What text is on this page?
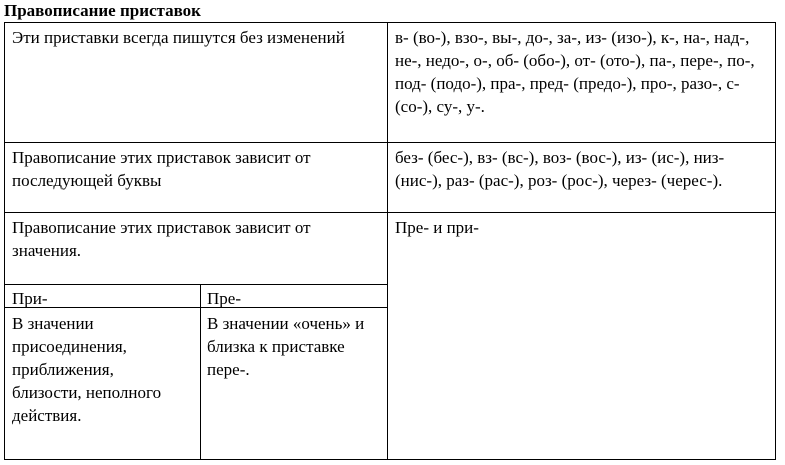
Правописание приставок
Эти приставки всегда пишутся без изменений	в- (во-), взо-, вы-, до-, за-, из- (изо-), к-, на-, над-, не-, недо-, о-, об- (обо-), от- (ото-), па-, пере-, по-, под- (подо-), пра-, пред- (предо-), про-, разо-, с- (со-), су-, у-.
Правописание этих приставок зависит от последующей буквы
без- (бес-), вз- (вс-), воз- (вос-), из- (ис-), низ- (нис-), раз- (рас-), роз- (рос-), через- (черес-).
Правописание этих приставок зависит от значения.
Пре- и при-
При-	Пре-
В значении присоединения, приближения, близости, неполного действия.
В значении «очень» и близка к приставке пере-.
